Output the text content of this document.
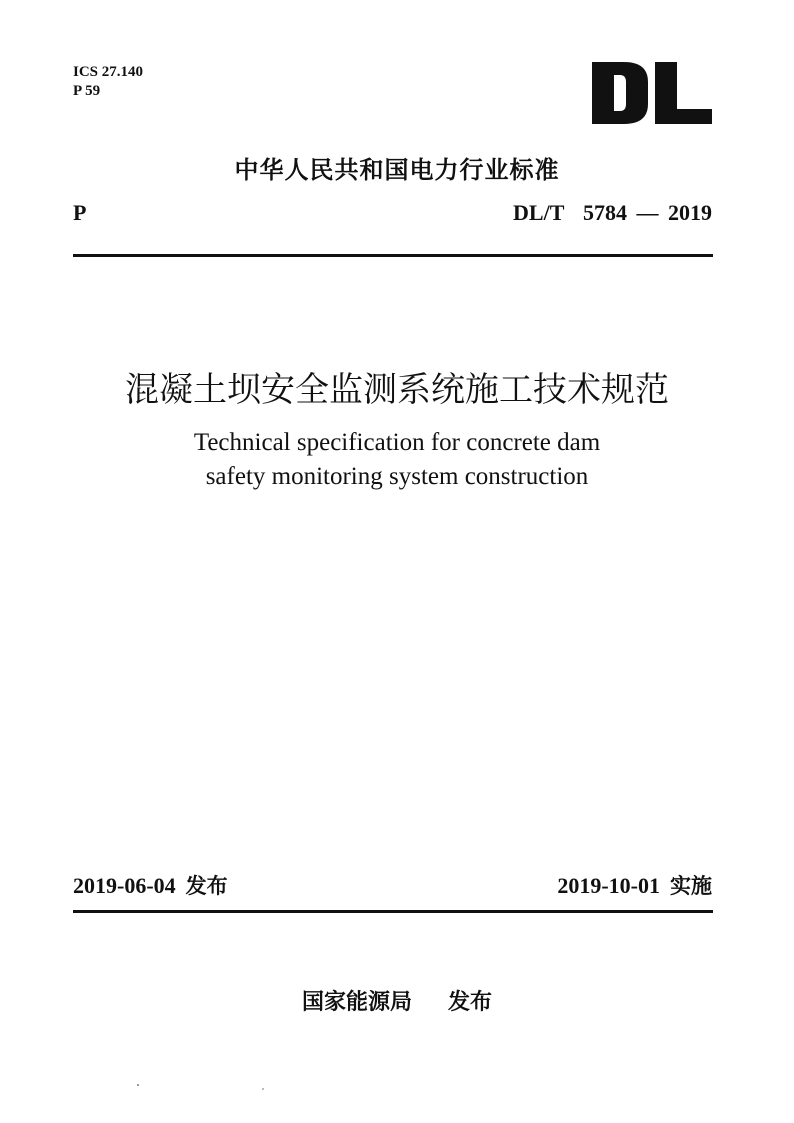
ICS 27.140
P 59
中华人民共和国电力行业标准
P	DL/T  5784 — 2019
混凝土坝安全监测系统施工技术规范
Technical specification for concrete dam
safety monitoring system construction
2019-06-04 发布	2019-10-01 实施
国家能源局 发布
